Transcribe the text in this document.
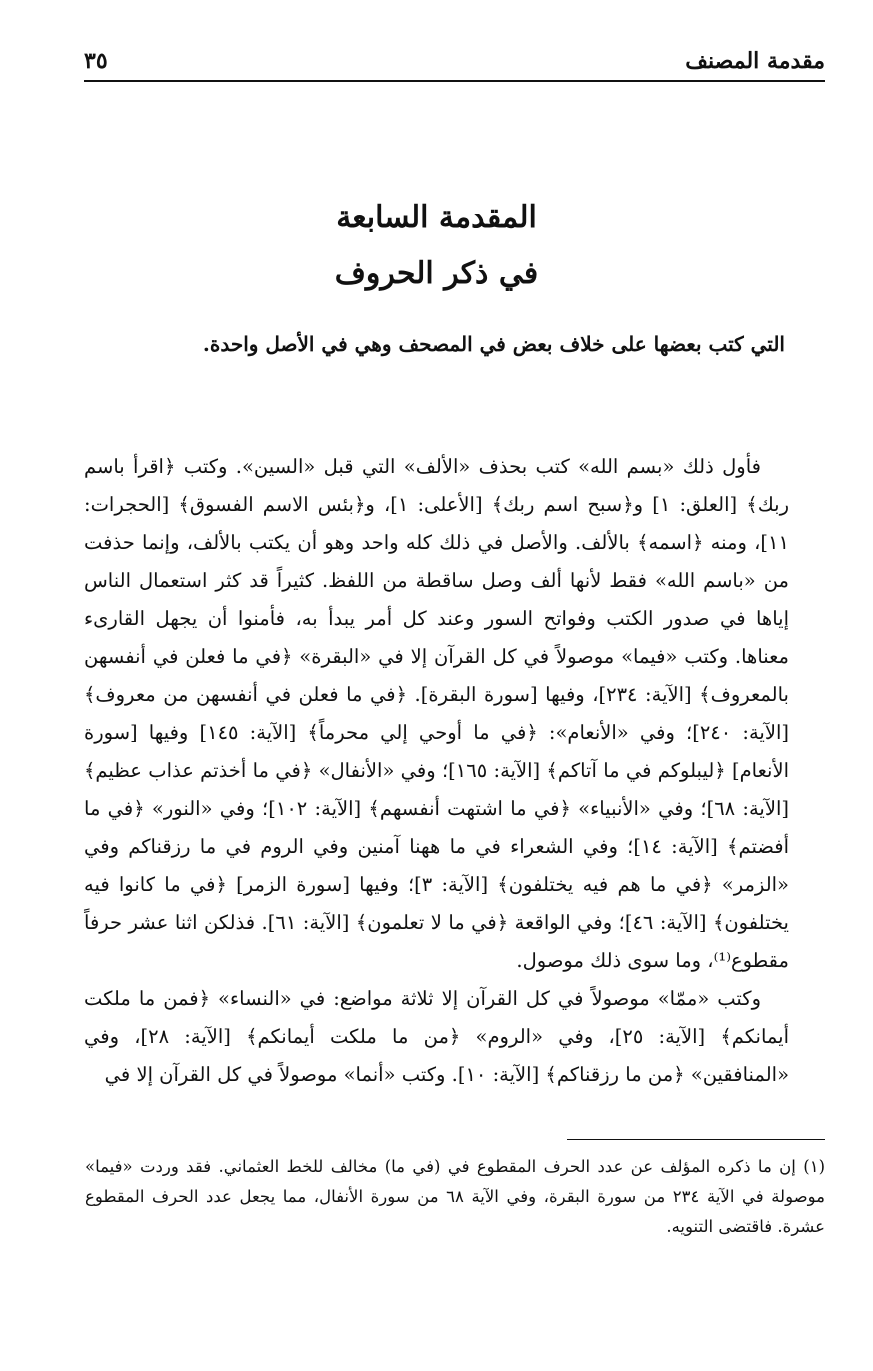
مقدمة المصنف
٣٥
المقدمة السابعة
في ذكر الحروف
التي كتب بعضها على خلاف بعض في المصحف وهي في الأصل واحدة.

فأول ذلك «بسم الله» كتب بحذف «الألف» التي قبل «السين». وكتب ﴿اقرأ باسم ربك﴾ [العلق: ١] و﴿سبح اسم ربك﴾ [الأعلى: ١]، و﴿بئس الاسم الفسوق﴾ [الحجرات: ١١]، ومنه ﴿اسمه﴾ بالألف. والأصل في ذلك كله واحد وهو أن يكتب بالألف، وإنما حذفت من «باسم الله» فقط لأنها ألف وصل ساقطة من اللفظ. كثيراً قد كثر استعمال الناس إياها في صدور الكتب وفواتح السور وعند كل أمر يبدأ به، فأمنوا أن يجهل القارىء معناها. وكتب «فيما» موصولاً في كل القرآن إلا في «البقرة» ﴿في ما فعلن في أنفسهن بالمعروف﴾ [الآية: ٢٣٤]، وفيها [سورة البقرة]. ﴿في ما فعلن في أنفسهن من معروف﴾ [الآية: ٢٤٠]؛ وفي «الأنعام»: ﴿في ما أوحي إلي محرماً﴾ [الآية: ١٤٥] وفيها [سورة الأنعام] ﴿ليبلوكم في ما آتاكم﴾ [الآية: ١٦٥]؛ وفي «الأنفال» ﴿في ما أخذتم عذاب عظيم﴾ [الآية: ٦٨]؛ وفي «الأنبياء» ﴿في ما اشتهت أنفسهم﴾ [الآية: ١٠٢]؛ وفي «النور» ﴿في ما أفضتم﴾ [الآية: ١٤]؛ وفي الشعراء في ما ههنا آمنين وفي الروم في ما رزقناكم وفي «الزمر» ﴿في ما هم فيه يختلفون﴾ [الآية: ٣]؛ وفيها [سورة الزمر] ﴿في ما كانوا فيه يختلفون﴾ [الآية: ٤٦]؛ وفي الواقعة ﴿في ما لا تعلمون﴾ [الآية: ٦١]. فذلكن اثنا عشر حرفاً مقطوع⁽¹⁾، وما سوى ذلك موصول.

وكتب «ممّا» موصولاً في كل القرآن إلا ثلاثة مواضع: في «النساء» ﴿فمن ما ملكت أيمانكم﴾ [الآية: ٢٥]، وفي «الروم» ﴿من ما ملكت أيمانكم﴾ [الآية: ٢٨]، وفي «المنافقين» ﴿من ما رزقناكم﴾ [الآية: ١٠]. وكتب «أنما» موصولاً في كل القرآن إلا في

(١) إن ما ذكره المؤلف عن عدد الحرف المقطوع في (في ما) مخالف للخط العثماني. فقد وردت «فيما» موصولة في الآية ٢٣٤ من سورة البقرة، وفي الآية ٦٨ من سورة الأنفال، مما يجعل عدد الحرف المقطوع عشرة. فاقتضى التنويه.
